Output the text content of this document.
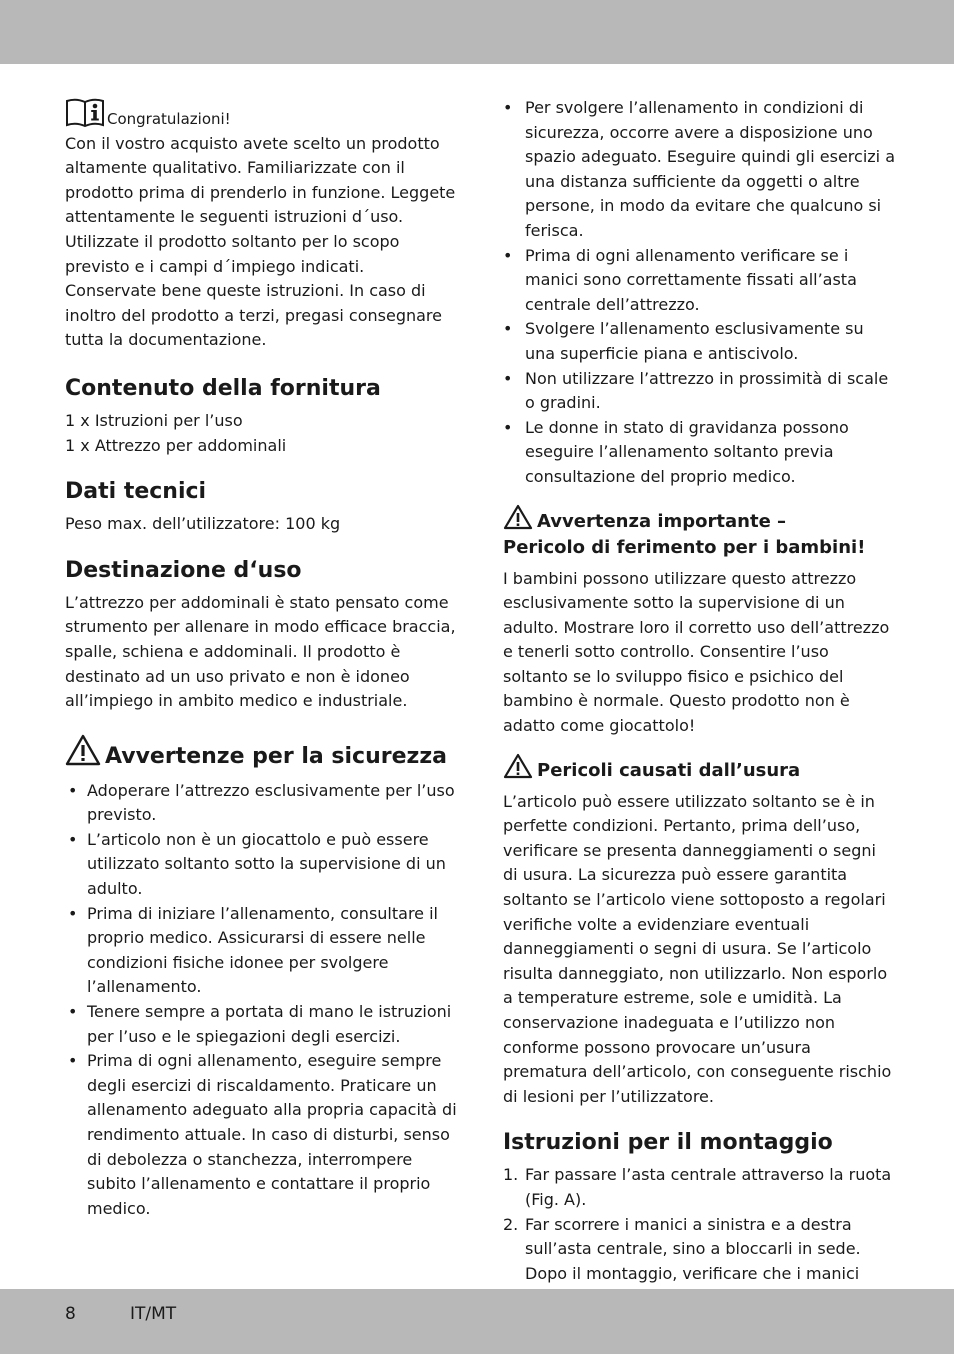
Congratulazioni!

Con il vostro acquisto avete scelto un prodotto altamente qualitativo. Familiarizzate con il prodotto prima di prenderlo in funzione. Leggete attentamente le seguenti istruzioni d´uso. Utilizzate il prodotto soltanto per lo scopo previsto e i campi d´impiego indicati. Conservate bene queste istruzioni. In caso di inoltro del prodotto a terzi, pregasi consegnare tutta la documentazione.

Contenuto della fornitura

1 x Istruzioni per l’uso

1 x Attrezzo per addominali

Dati tecnici

Peso max. dell’utilizzatore: 100 kg

Destinazione d‘uso

L’attrezzo per addominali è stato pensato come strumento per allenare in modo efficace braccia, spalle, schiena e addominali. Il prodotto è destinato ad un uso privato e non è idoneo all’impiego in ambito medico e industriale.

Avvertenze per la sicurezza
• Adoperare l’attrezzo esclusivamente per l’uso previsto.
• L’articolo non è un giocattolo e può essere utilizzato soltanto sotto la supervisione di un adulto.
• Prima di iniziare l’allenamento, consultare il proprio medico. Assicurarsi di essere nelle condizioni fisiche idonee per svolgere l’allenamento.
• Tenere sempre a portata di mano le istruzioni per l’uso e le spiegazioni degli esercizi.
• Prima di ogni allenamento, eseguire sempre degli esercizi di riscaldamento. Praticare un allenamento adeguato alla propria capacità di rendimento attuale. In caso di disturbi, senso di debolezza o stanchezza, interrompere subito l’allenamento e contattare il proprio medico.
• Per svolgere l’allenamento in condizioni di sicurezza, occorre avere a disposizione uno spazio adeguato. Eseguire quindi gli esercizi a una distanza sufficiente da oggetti o altre persone, in modo da evitare che qualcuno si ferisca.
• Prima di ogni allenamento verificare se i manici sono correttamente fissati all’asta centrale dell’attrezzo.
• Svolgere l’allenamento esclusivamente su una superficie piana e antiscivolo.
• Non utilizzare l’attrezzo in prossimità di scale o gradini.
• Le donne in stato di gravidanza possono eseguire l’allenamento soltanto previa consultazione del proprio medico.
Avvertenza importante –
Pericolo di ferimento per i bambini!

I bambini possono utilizzare questo attrezzo esclusivamente sotto la supervisione di un adulto. Mostrare loro il corretto uso dell’attrezzo e tenerli sotto controllo. Consentire l’uso soltanto se lo sviluppo fisico e psichico del bambino è normale. Questo prodotto non è adatto come giocattolo!

Pericoli causati dall’usura

L’articolo può essere utilizzato soltanto se è in perfette condizioni. Pertanto, prima dell’uso, verificare se presenta danneggiamenti o segni di usura. La sicurezza può essere garantita soltanto se l’articolo viene sottoposto a regolari verifiche volte a evidenziare eventuali danneggiamenti o segni di usura. Se l’articolo risulta danneggiato, non utilizzarlo. Non esporlo a temperature estreme, sole e umidità. La conservazione inadeguata e l’utilizzo non conforme possono provocare un’usura prematura dell’articolo, con conseguente rischio di lesioni per l’utilizzatore.

Istruzioni per il montaggio
1. Far passare l’asta centrale attraverso la ruota (Fig. A).
2. Far scorrere i manici a sinistra e a destra sull’asta centrale, sino a bloccarli in sede. Dopo il montaggio, verificare che i manici
8	IT/MT
